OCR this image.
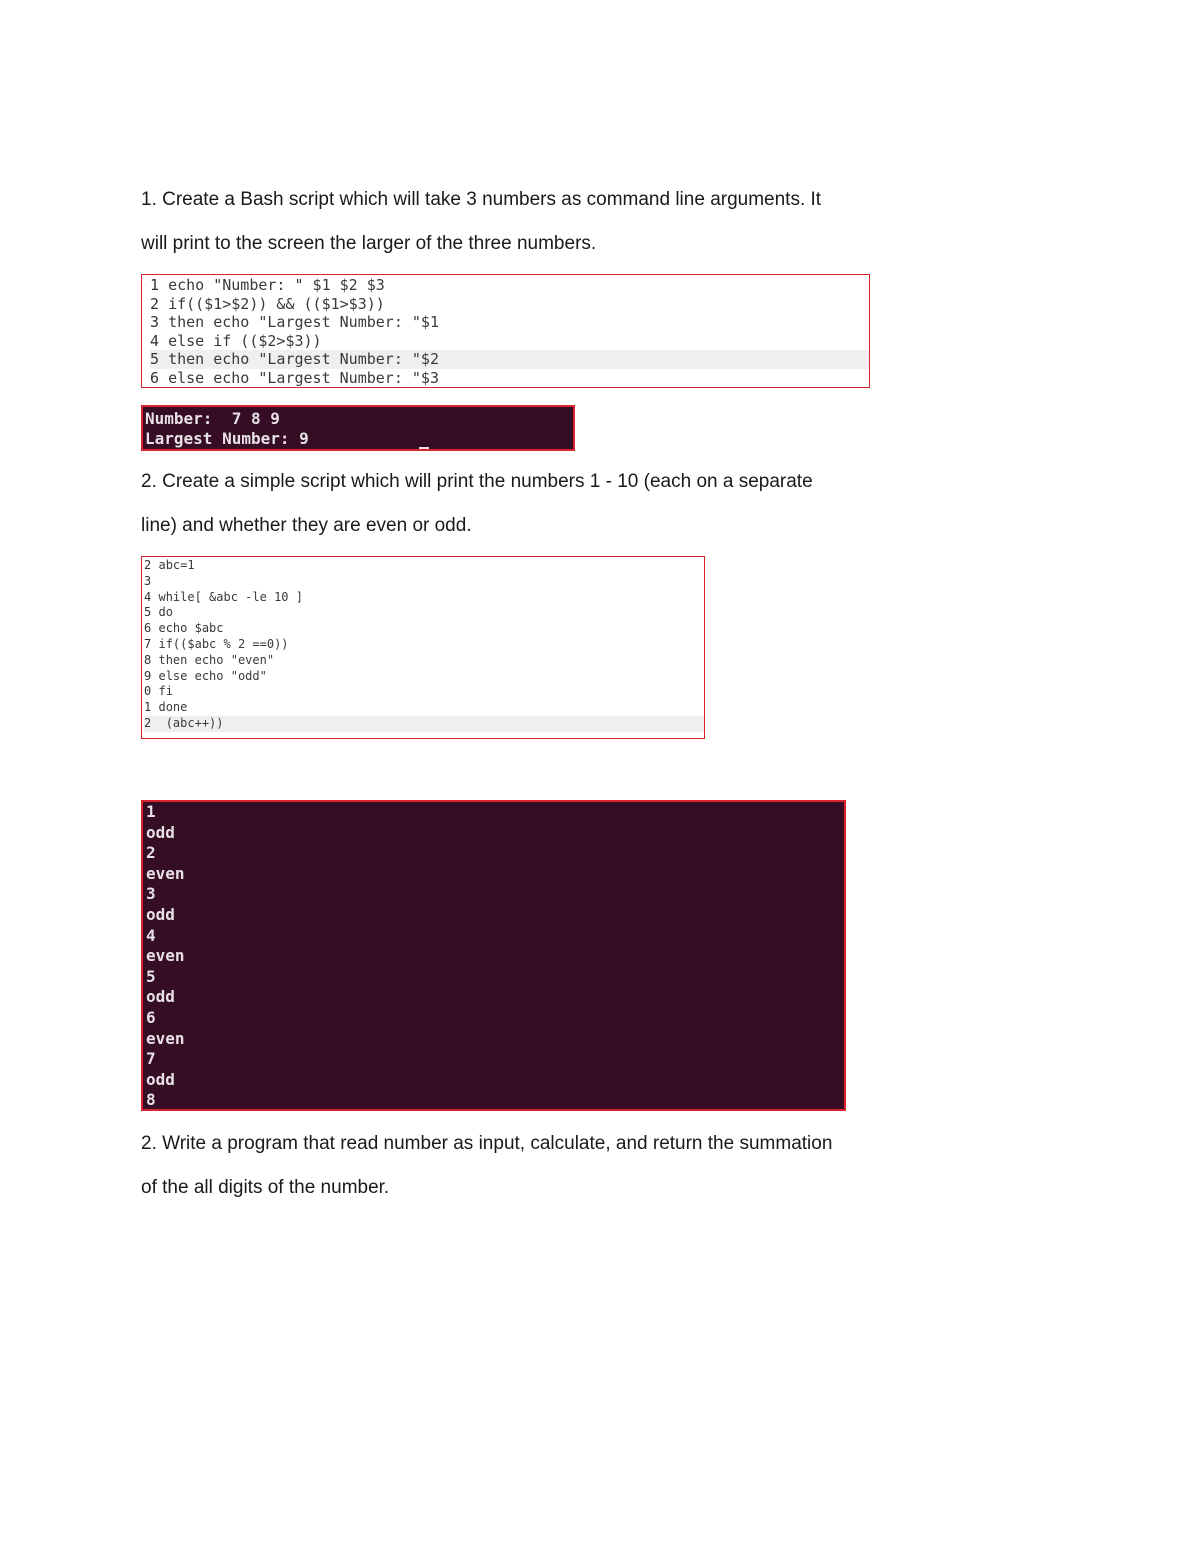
1. Create a Bash script which will take 3 numbers as command line arguments. It
will print to the screen the larger of the three numbers.

1 echo "Number: " $1 $2 $3
2 if(($1>$2)) && (($1>$3))
3 then echo "Largest Number: "$1
4 else if (($2>$3))
5 then echo "Largest Number: "$2
6 else echo "Largest Number: "$3
Number:  7 8 9
Largest Number: 9

2. Create a simple script which will print the numbers 1 - 10 (each on a separate
line) and whether they are even or odd.

2 abc=1
3
4 while[ &abc -le 10 ]
5 do
6 echo $abc
7 if(($abc % 2 ==0))
8 then echo "even"
9 else echo "odd"
0 fi
1 done
2  (abc++))
1
odd
2
even
3
odd
4
even
5
odd
6
even
7
odd
8

2. Write a program that read number as input, calculate, and return the summation
of the all digits of the number.
